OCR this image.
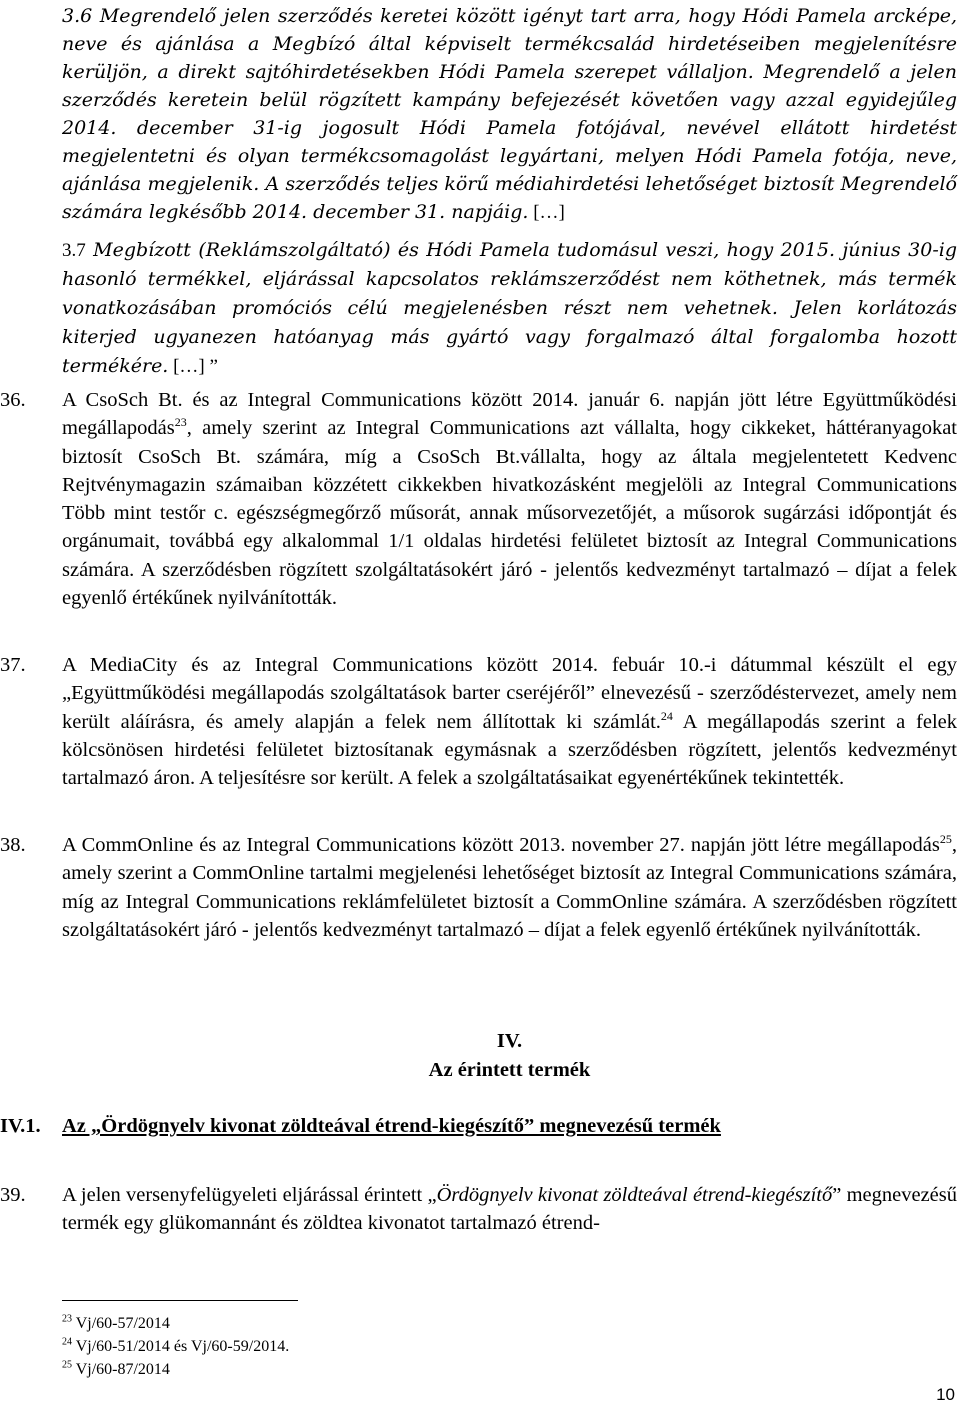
3.6 Megrendelő jelen szerződés keretei között igényt tart arra, hogy Hódi Pamela arcképe, neve és ajánlása a Megbízó által képviselt termékcsalád hirdetéseiben megjelenítésre kerüljön, a direkt sajtóhirdetésekben Hódi Pamela szerepet vállaljon. Megrendelő a jelen szerződés keretein belül rögzített kampány befejezését követően vagy azzal egyidejűleg 2014. december 31-ig jogosult Hódi Pamela fotójával, nevével ellátott hirdetést megjelentetni és olyan termékcsomagolást legyártani, melyen Hódi Pamela fotója, neve, ajánlása megjelenik. A szerződés teljes körű médiahirdetési lehetőséget biztosít Megrendelő számára legkésőbb 2014. december 31. napjáig. […]
3.7 Megbízott (Reklámszolgáltató) és Hódi Pamela tudomásul veszi, hogy 2015. június 30-ig hasonló termékkel, eljárással kapcsolatos reklámszerződést nem köthetnek, más termék vonatkozásában promóciós célú megjelenésben részt nem vehetnek. Jelen korlátozás kiterjed ugyanezen hatóanyag más gyártó vagy forgalmazó által forgalomba hozott termékére. […] ”
36. A CsoSch Bt. és az Integral Communications között 2014. január 6. napján jött létre Együttműködési megállapodás$^{23}$, amely szerint az Integral Communications azt vállalta, hogy cikkeket, háttéranyagokat biztosít CsoSch Bt. számára, míg a CsoSch Bt.vállalta, hogy az általa megjelentetett Kedvenc Rejtvénymagazin számaiban közzétett cikkekben hivatkozásként megjelöli az Integral Communications Több mint testőr c. egészségmegőrző műsorát, annak műsorvezetőjét, a műsorok sugárzási időpontját és orgánumait, továbbá egy alkalommal 1/1 oldalas hirdetési felületet biztosít az Integral Communications számára. A szerződésben rögzített szolgáltatásokért járó - jelentős kedvezményt tartalmazó – díjat a felek egyenlő értékűnek nyilvánították.
37. A MediaCity és az Integral Communications között 2014. febuár 10.-i dátummal készült el egy „Együttműködési megállapodás szolgáltatások barter cseréjéről” elnevezésű - szerződéstervezet, amely nem került aláírásra, és amely alapján a felek nem állítottak ki számlát.$^{24}$ A megállapodás szerint a felek kölcsönösen hirdetési felületet biztosítanak egymásnak a szerződésben rögzített, jelentős kedvezményt tartalmazó áron. A teljesítésre sor került. A felek a szolgáltatásaikat egyenértékűnek tekintették.
38. A CommOnline és az Integral Communications között 2013. november 27. napján jött létre megállapodás$^{25}$, amely szerint a CommOnline tartalmi megjelenési lehetőséget biztosít az Integral Communications számára, míg az Integral Communications reklámfelületet biztosít a CommOnline számára. A szerződésben rögzített szolgáltatásokért járó - jelentős kedvezményt tartalmazó – díjat a felek egyenlő értékűnek nyilvánították.
IV.
Az érintett termék
IV.1. Az „Ördögnyelv kivonat zöldteával étrend-kiegészítő” megnevezésű termék
39. A jelen versenyfelügyeleti eljárással érintett „Ördögnyelv kivonat zöldteával étrend-kiegészítő” megnevezésű termék egy glükomannánt és zöldtea kivonatot tartalmazó étrend-
$^{23}$ Vj/60-57/2014
$^{24}$ Vj/60-51/2014 és Vj/60-59/2014.
$^{25}$ Vj/60-87/2014
10
